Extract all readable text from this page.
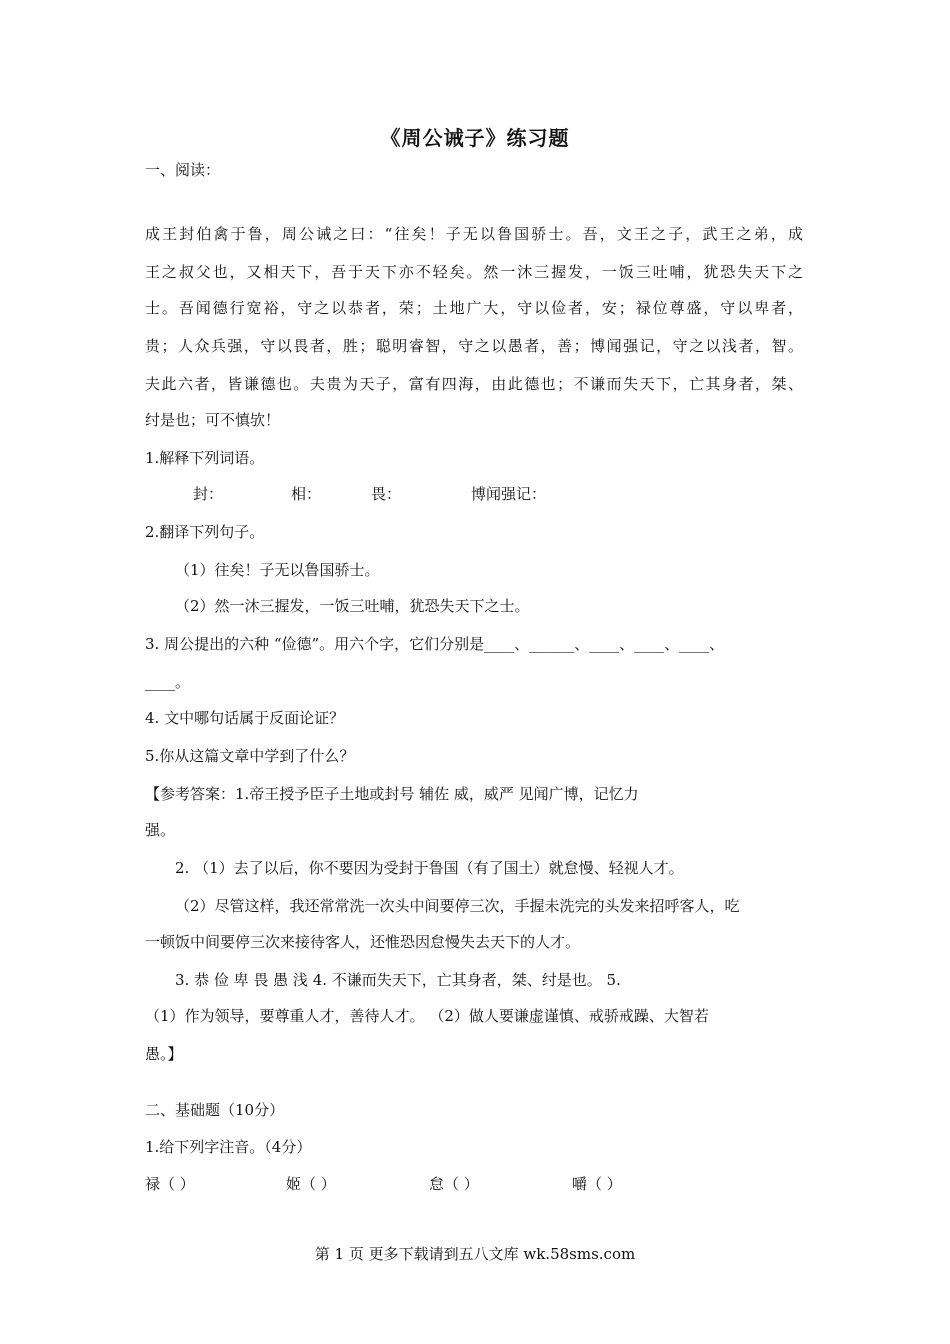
《周公诫子》练习题
一、阅读：
成王封伯禽于鲁，周公诫之曰：“往矣！子无以鲁国骄士。吾，文王之子，武王之弟，成
王之叔父也，又相天下，吾于天下亦不轻矣。然一沐三握发，一饭三吐哺，犹恐失天下之
士。吾闻德行宽裕，守之以恭者，荣；土地广大，守以俭者，安；禄位尊盛，守以卑者，
贵；人众兵强，守以畏者，胜；聪明睿智，守之以愚者，善；博闻强记，守之以浅者，智。
夫此六者，皆谦德也。夫贵为天子，富有四海，由此德也；不谦而失天下，亡其身者，桀、
纣是也；可不慎欤！
1.解释下列词语。
封：	相：	畏：	博闻强记：
2.翻译下列句子。
（1）往矣！子无以鲁国骄士。
（2）然一沐三握发，一饭三吐哺，犹恐失天下之士。
3. 周公提出的六种 “俭德”。用六个字，它们分别是____、______、____、____、____、
____。
4. 文中哪句话属于反面论证？
5.你从这篇文章中学到了什么？
【参考答案：1.帝王授予臣子土地或封号 辅佐 威，威严 见闻广博，记忆力
强。
2. （1）去了以后，你不要因为受封于鲁国（有了国土）就怠慢、轻视人才。
（2）尽管这样，我还常常洗一次头中间要停三次，手握未洗完的头发来招呼客人，吃
一顿饭中间要停三次来接待客人，还惟恐因怠慢失去天下的人才。
3. 恭 俭 卑 畏 愚 浅 4. 不谦而失天下，亡其身者，桀、纣是也。 5.
（1）作为领导，要尊重人才，善待人才。 （2）做人要谦虚谨慎、戒骄戒躁、大智若
愚。】
二、基础题（10分）
1.给下列字注音。（4分）
禄（ ）	姬（ ）	怠（ ）	嚼（ ）
第 1 页 更多下载请到五八文库 wk.58sms.com
